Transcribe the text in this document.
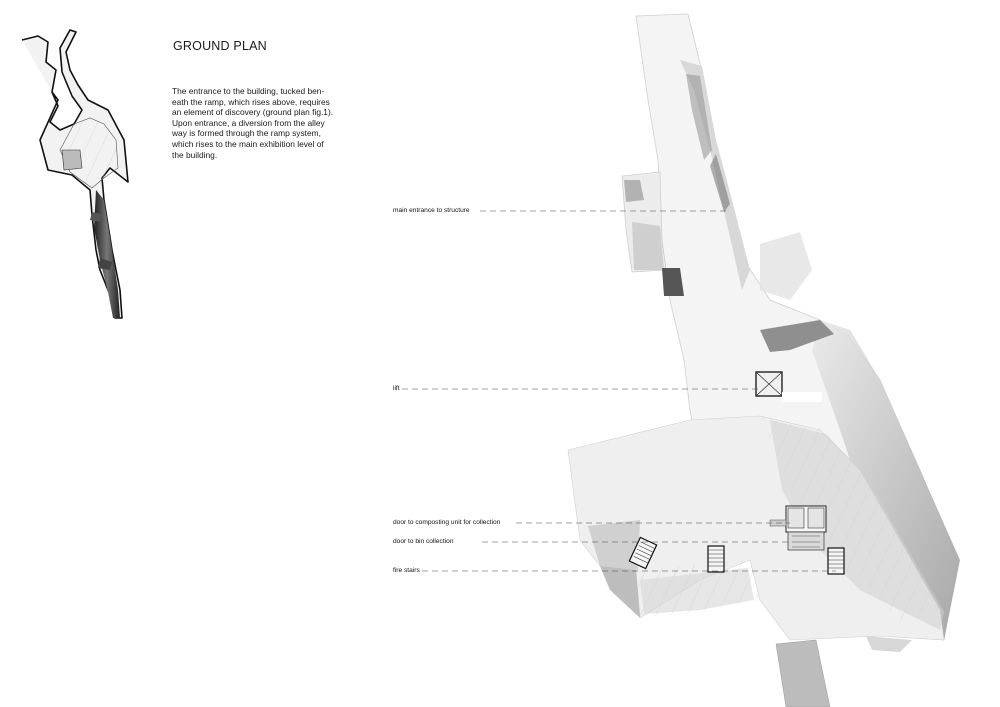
GROUND PLAN
The entrance to the building, tucked ben-
eath the ramp, which rises above, requires
an element of discovery (ground plan fig.1).
Upon entrance, a diversion from the alley
way is formed through the ramp system,
which rises to the main exhibition level of
the building.
main entrance to structure
lift
door to composting unit for collection
door to bin collection
fire stairs
